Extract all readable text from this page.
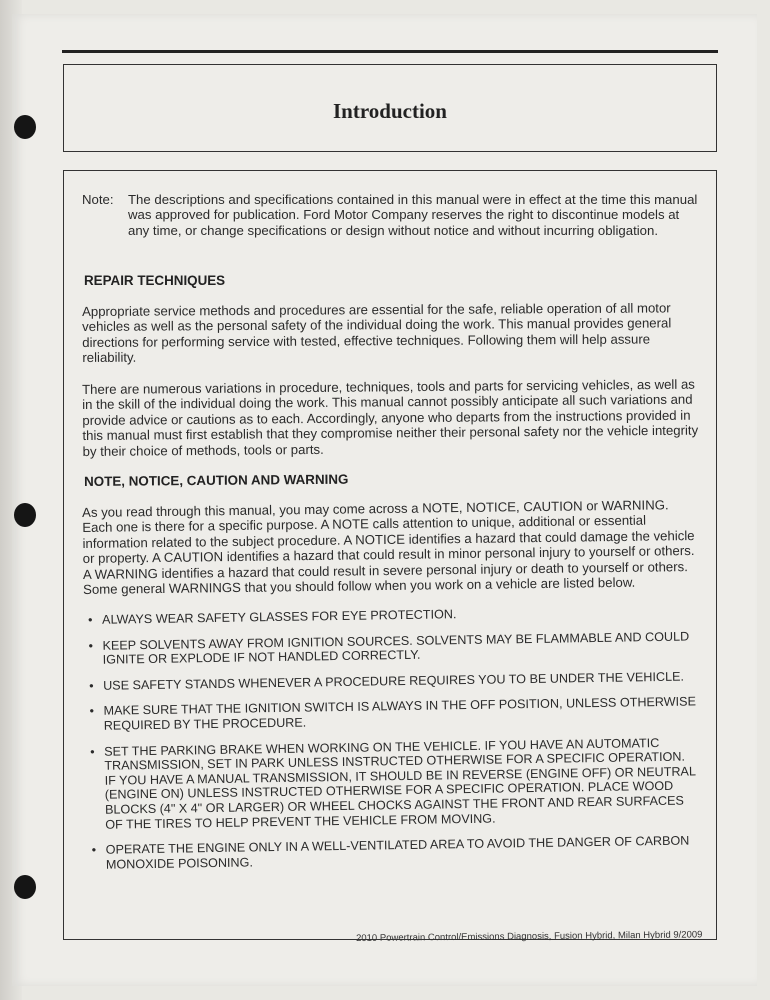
Introduction
Note:	The descriptions and specifications contained in this manual were in effect at the time this manual was approved for publication. Ford Motor Company reserves the right to discontinue models at any time, or change specifications or design without notice and without incurring obligation.
REPAIR TECHNIQUES
Appropriate service methods and procedures are essential for the safe, reliable operation of all motor vehicles as well as the personal safety of the individual doing the work. This manual provides general directions for performing service with tested, effective techniques. Following them will help assure reliability.
There are numerous variations in procedure, techniques, tools and parts for servicing vehicles, as well as in the skill of the individual doing the work. This manual cannot possibly anticipate all such variations and provide advice or cautions as to each. Accordingly, anyone who departs from the instructions provided in this manual must first establish that they compromise neither their personal safety nor the vehicle integrity by their choice of methods, tools or parts.
NOTE, NOTICE, CAUTION AND WARNING
As you read through this manual, you may come across a NOTE, NOTICE, CAUTION or WARNING. Each one is there for a specific purpose. A NOTE calls attention to unique, additional or essential information related to the subject procedure. A NOTICE identifies a hazard that could damage the vehicle or property. A CAUTION identifies a hazard that could result in minor personal injury to yourself or others. A WARNING identifies a hazard that could result in severe personal injury or death to yourself or others. Some general WARNINGS that you should follow when you work on a vehicle are listed below.
• ALWAYS WEAR SAFETY GLASSES FOR EYE PROTECTION.
• KEEP SOLVENTS AWAY FROM IGNITION SOURCES. SOLVENTS MAY BE FLAMMABLE AND COULD IGNITE OR EXPLODE IF NOT HANDLED CORRECTLY.
• USE SAFETY STANDS WHENEVER A PROCEDURE REQUIRES YOU TO BE UNDER THE VEHICLE.
• MAKE SURE THAT THE IGNITION SWITCH IS ALWAYS IN THE OFF POSITION, UNLESS OTHERWISE REQUIRED BY THE PROCEDURE.
• SET THE PARKING BRAKE WHEN WORKING ON THE VEHICLE. IF YOU HAVE AN AUTOMATIC TRANSMISSION, SET IN PARK UNLESS INSTRUCTED OTHERWISE FOR A SPECIFIC OPERATION. IF YOU HAVE A MANUAL TRANSMISSION, IT SHOULD BE IN REVERSE (ENGINE OFF) OR NEUTRAL (ENGINE ON) UNLESS INSTRUCTED OTHERWISE FOR A SPECIFIC OPERATION. PLACE WOOD BLOCKS (4" X 4" OR LARGER) OR WHEEL CHOCKS AGAINST THE FRONT AND REAR SURFACES OF THE TIRES TO HELP PREVENT THE VEHICLE FROM MOVING.
• OPERATE THE ENGINE ONLY IN A WELL-VENTILATED AREA TO AVOID THE DANGER OF CARBON MONOXIDE POISONING.
2010 Powertrain Control/Emissions Diagnosis, Fusion Hybrid, Milan Hybrid 9/2009
